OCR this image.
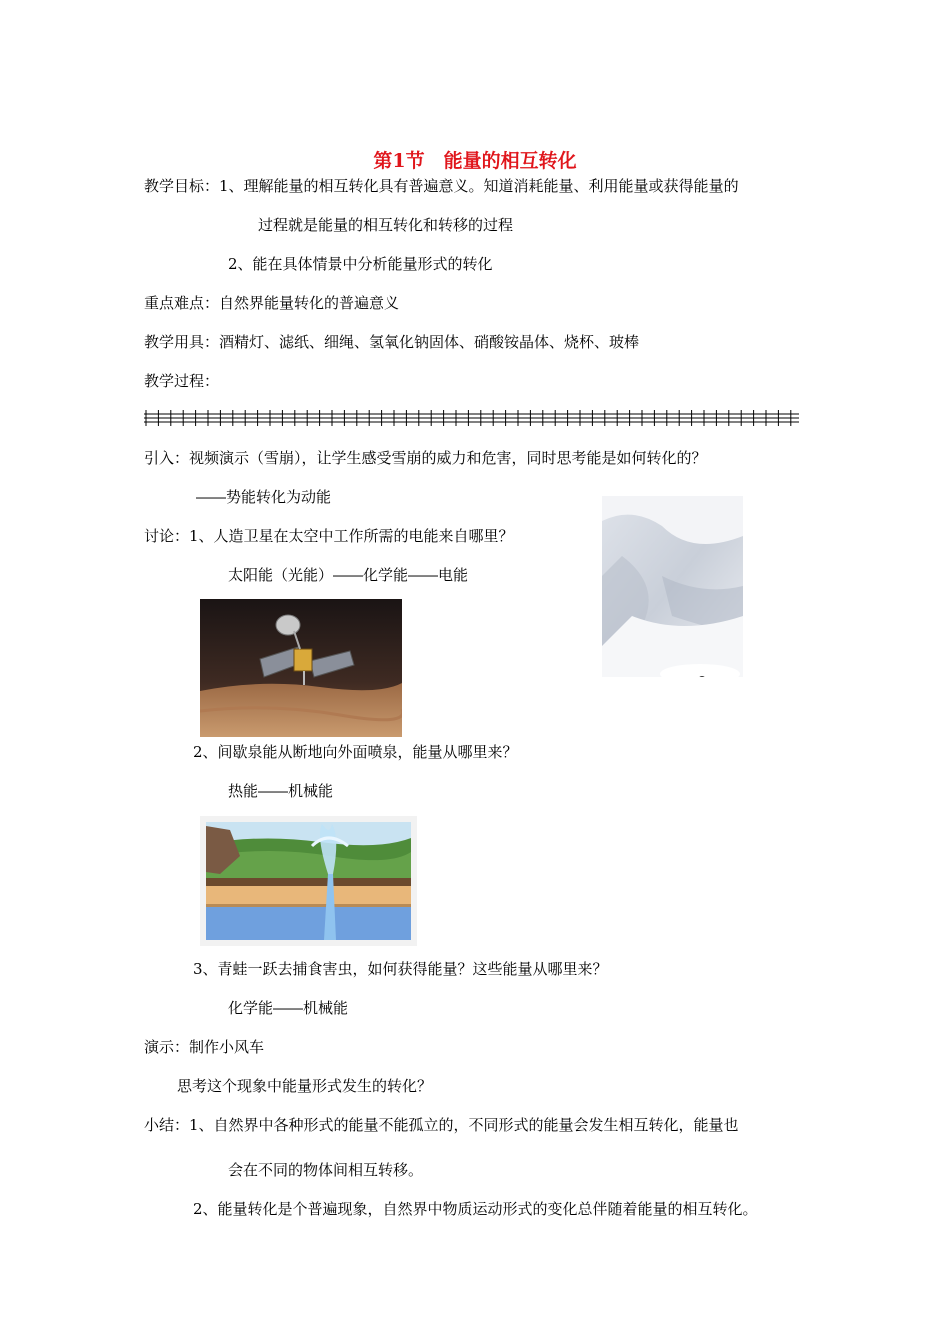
第1节　能量的相互转化
教学目标：1、理解能量的相互转化具有普遍意义。知道消耗能量、利用能量或获得能量的
过程就是能量的相互转化和转移的过程
2、能在具体情景中分析能量形式的转化
重点难点：自然界能量转化的普遍意义
教学用具：酒精灯、滤纸、细绳、氢氧化钠固体、硝酸铵晶体、烧杯、玻棒
教学过程：
引入：视频演示（雪崩），让学生感受雪崩的威力和危害，同时思考能是如何转化的？
――势能转化为动能
讨论：1、人造卫星在太空中工作所需的电能来自哪里？
太阳能（光能）――化学能――电能
2、间歇泉能从断地向外面喷泉，能量从哪里来？
热能――机械能
3、青蛙一跃去捕食害虫，如何获得能量？这些能量从哪里来？
化学能――机械能
演示：制作小风车
思考这个现象中能量形式发生的转化？
小结：1、自然界中各种形式的能量不能孤立的，不同形式的能量会发生相互转化，能量也
会在不同的物体间相互转移。
2、能量转化是个普遍现象，自然界中物质运动形式的变化总伴随着能量的相互转化。
